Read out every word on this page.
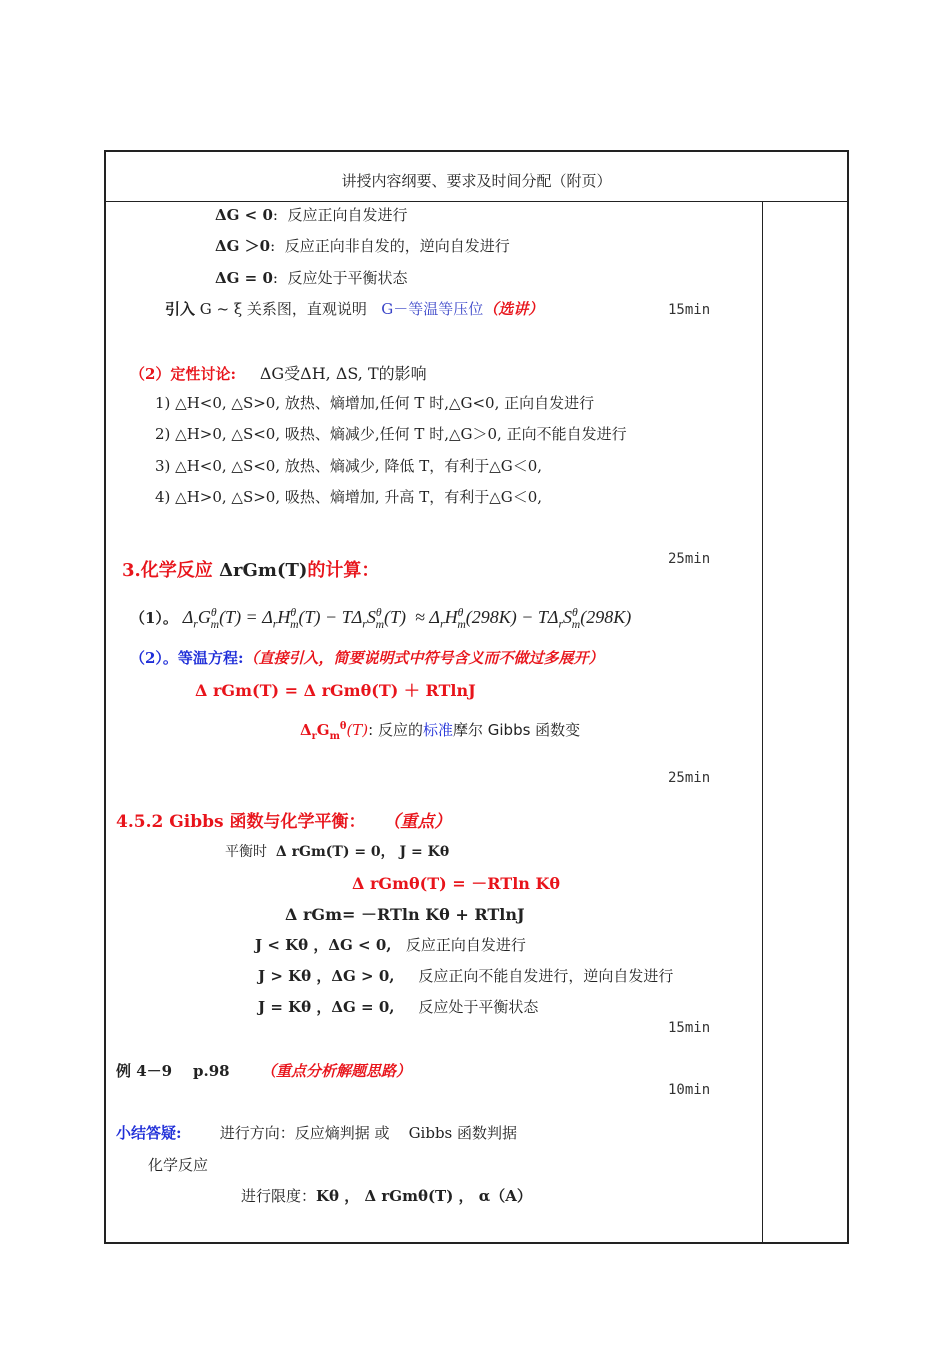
讲授内容纲要、要求及时间分配（附页）
ΔG < 0:  反应正向自发进行
ΔG ＞0:  反应正向非自发的，逆向自发进行
ΔG = 0:  反应处于平衡状态
引入 G ~ ξ 关系图，直观说明 G－等温等压位（选讲）	15min
（2）定性讨论: ΔG受ΔH, ΔS, T的影响
1) △H<0, △S>0, 放热、熵增加,任何 T 时,△G<0, 正向自发进行
2) △H>0, △S<0, 吸热、熵减少,任何 T 时,△G＞0, 正向不能自发进行
3) △H<0, △S<0, 放热、熵减少, 降低 T，有利于△G＜0,
4) △H>0, △S>0, 吸热、熵增加, 升高 T，有利于△G＜0,
25min
3.化学反应 ΔrGm(T)的计算：
（1）。 $\Delta_rG^\theta_m(T) = \Delta_rH^\theta_m(T) - T\Delta_rS^\theta_m(T) \approx \Delta_rH^\theta_m(298K) - T\Delta_rS^\theta_m(298K)$
（2）。等温方程:（直接引入，简要说明式中符号含义而不做过多展开）
Δ rGm(T) = Δ rGmθ(T) ＋ RTlnJ
$\Delta_rG_m^\theta(T)$: 反应的标准摩尔 Gibbs 函数变
25min
4.5.2 Gibbs 函数与化学平衡： （重点）
平衡时 Δ rGm(T) = 0， J = Kθ
Δ rGmθ(T) = －RTln Kθ
Δ rGm= －RTln Kθ + RTlnJ
J < Kθ ，ΔG < 0, 反应正向自发进行
J > Kθ ，ΔG > 0, 反应正向不能自发进行，逆向自发进行
J = Kθ ，ΔG = 0, 反应处于平衡状态
15min
例 4－9 p.98 （重点分析解题思路）
10min
小结答疑:	进行方向：反应熵判据 或 Gibbs 函数判据
化学反应
进行限度：Kθ ， Δ rGmθ(T) ， α（A）
